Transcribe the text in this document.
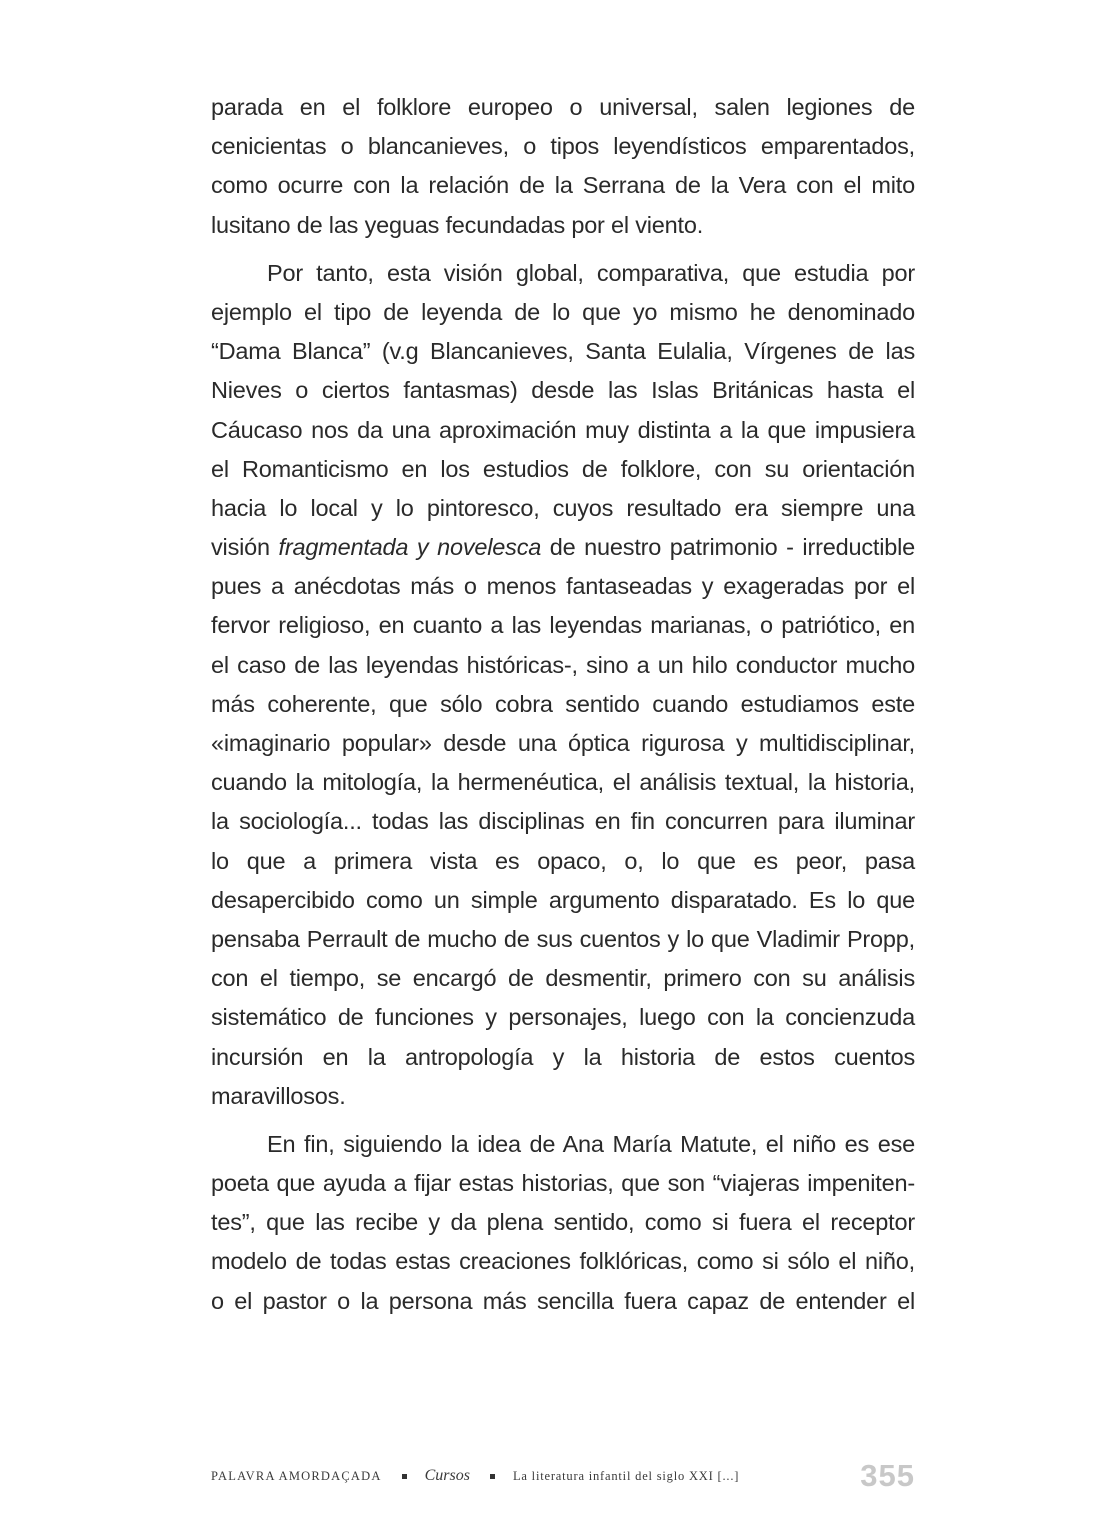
parada en el folklore europeo o universal, salen legiones de
cenicientas o blancanieves, o tipos leyendísticos emparentados,
como ocurre con la relación de la Serrana de la Vera con el mito
lusitano de las yeguas fecundadas por el viento.

Por tanto, esta visión global, comparativa, que estudia por
ejemplo el tipo de leyenda de lo que yo mismo he denominado
“Dama Blanca” (v.g Blancanieves, Santa Eulalia, Vírgenes de las
Nieves o ciertos fantasmas) desde las Islas Británicas hasta el
Cáucaso nos da una aproximación muy distinta a la que impusiera
el Romanticismo en los estudios de folklore, con su orientación
hacia lo local y lo pintoresco, cuyos resultado era siempre una
visión fragmentada y novelesca de nuestro patrimonio - irreductible
pues a anécdotas más o menos fantaseadas y exageradas por el
fervor religioso, en cuanto a las leyendas marianas, o patriótico, en
el caso de las leyendas históricas-, sino a un hilo conductor mucho
más coherente, que sólo cobra sentido cuando estudiamos este
«imaginario popular» desde una óptica rigurosa y multidisciplinar,
cuando la mitología, la hermenéutica, el análisis textual, la historia,
la sociología... todas las disciplinas en fin concurren para iluminar
lo que a primera vista es opaco, o, lo que es peor, pasa
desapercibido como un simple argumento disparatado. Es lo que
pensaba Perrault de mucho de sus cuentos y lo que Vladimir Propp,
con el tiempo, se encargó de desmentir, primero con su análisis
sistemático de funciones y personajes, luego con la concienzuda
incursión en la antropología y la historia de estos cuentos
maravillosos.

En fin, siguiendo la idea de Ana María Matute, el niño es ese
poeta que ayuda a fijar estas historias, que son “viajeras impeniten-
tes”, que las recibe y da plena sentido, como si fuera el receptor
modelo de todas estas creaciones folklóricas, como si sólo el niño,
o el pastor o la persona más sencilla fuera capaz de entender el

PALAVRA AMORDAÇADA	Cursos	La literatura infantil del siglo XXI [...]	355
